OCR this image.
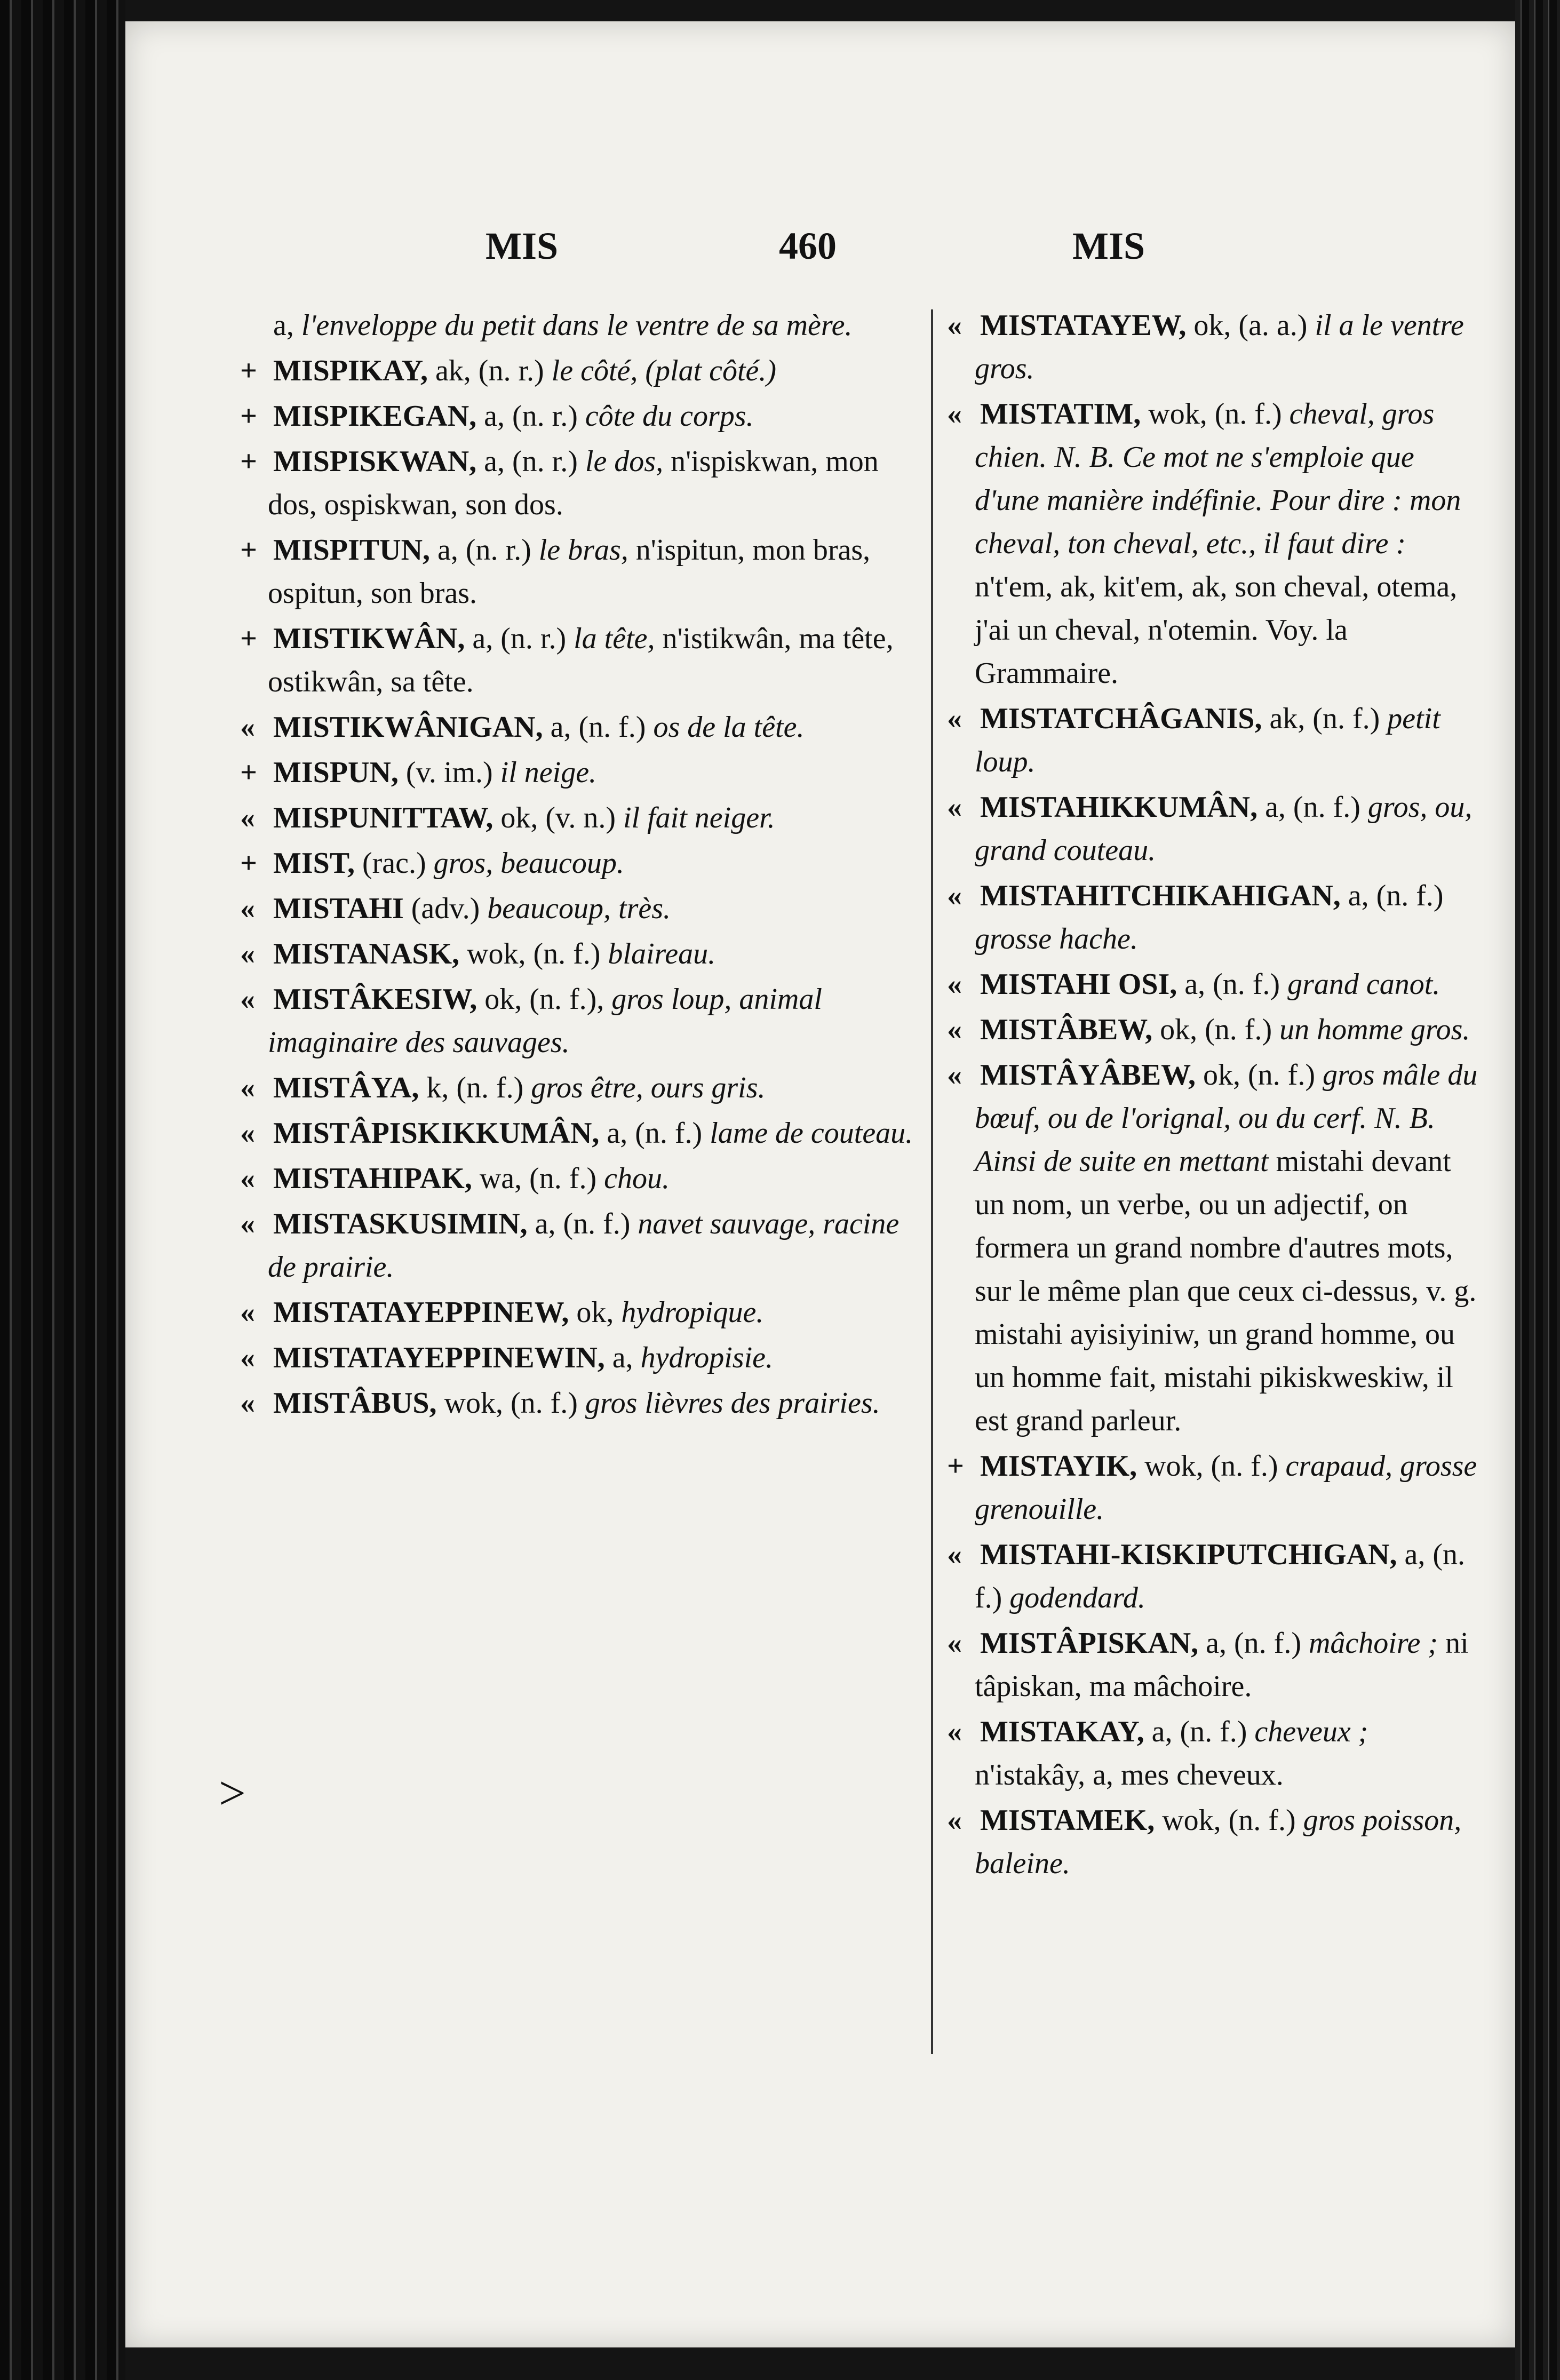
MIS	460	MIS
>
a, l'enveloppe du petit dans le ventre de sa mère.
+ MISPIKAY, ak, (n. r.) le côté, (plat côté.)
+ MISPIKEGAN, a, (n. r.) côte du corps.
+ MISPISKWAN, a, (n. r.) le dos, n'ispiskwan, mon dos, ospiskwan, son dos.
+ MISPITUN, a, (n. r.) le bras, n'ispitun, mon bras, ospitun, son bras.
+ MISTIKWÂN, a, (n. r.) la tête, n'istikwân, ma tête, ostikwân, sa tête.
« MISTIKWÂNIGAN, a, (n. f.) os de la tête.
+ MISPUN, (v. im.) il neige.
« MISPUNITTAW, ok, (v. n.) il fait neiger.
+ MIST, (rac.) gros, beaucoup.
« MISTAHI (adv.) beaucoup, très.
« MISTANASK, wok, (n. f.) blaireau.
« MISTÂKESIW, ok, (n. f.), gros loup, animal imaginaire des sauvages.
« MISTÂYA, k, (n. f.) gros être, ours gris.
« MISTÂPISKIKKUMÂN, a, (n. f.) lame de couteau.
« MISTAHIPAK, wa, (n. f.) chou.
« MISTASKUSIMIN, a, (n. f.) navet sauvage, racine de prairie.
« MISTATAYEPPINEW, ok, hydropique.
« MISTATAYEPPINEWIN, a, hydropisie.
« MISTÂBUS, wok, (n. f.) gros lièvres des prairies.
« MISTATAYEW, ok, (a. a.) il a le ventre gros.
« MISTATIM, wok, (n. f.) cheval, gros chien. N. B. Ce mot ne s'emploie que d'une manière indéfinie. Pour dire : mon cheval, ton cheval, etc., il faut dire : n't'em, ak, kit'em, ak, son cheval, otema, j'ai un cheval, n'otemin. Voy. la Grammaire.
« MISTATCHÂGANIS, ak, (n. f.) petit loup.
« MISTAHIKKUMÂN, a, (n. f.) gros, ou, grand couteau.
« MISTAHITCHIKAHIGAN, a, (n. f.) grosse hache.
« MISTAHI OSI, a, (n. f.) grand canot.
« MISTÂBEW, ok, (n. f.) un homme gros.
« MISTÂYÂBEW, ok, (n. f.) gros mâle du bœuf, ou de l'orignal, ou du cerf. N. B. Ainsi de suite en mettant mistahi devant un nom, un verbe, ou un adjectif, on formera un grand nombre d'autres mots, sur le même plan que ceux ci-dessus, v. g. mistahi ayisiyiniw, un grand homme, ou un homme fait, mistahi pikiskweskiw, il est grand parleur.
+ MISTAYIK, wok, (n. f.) crapaud, grosse grenouille.
« MISTAHI-KISKIPUTCHIGAN, a, (n. f.) godendard.
« MISTÂPISKAN, a, (n. f.) mâchoire ; ni tâpiskan, ma mâchoire.
« MISTAKAY, a, (n. f.) cheveux ; n'istakây, a, mes cheveux.
« MISTAMEK, wok, (n. f.) gros poisson, baleine.
